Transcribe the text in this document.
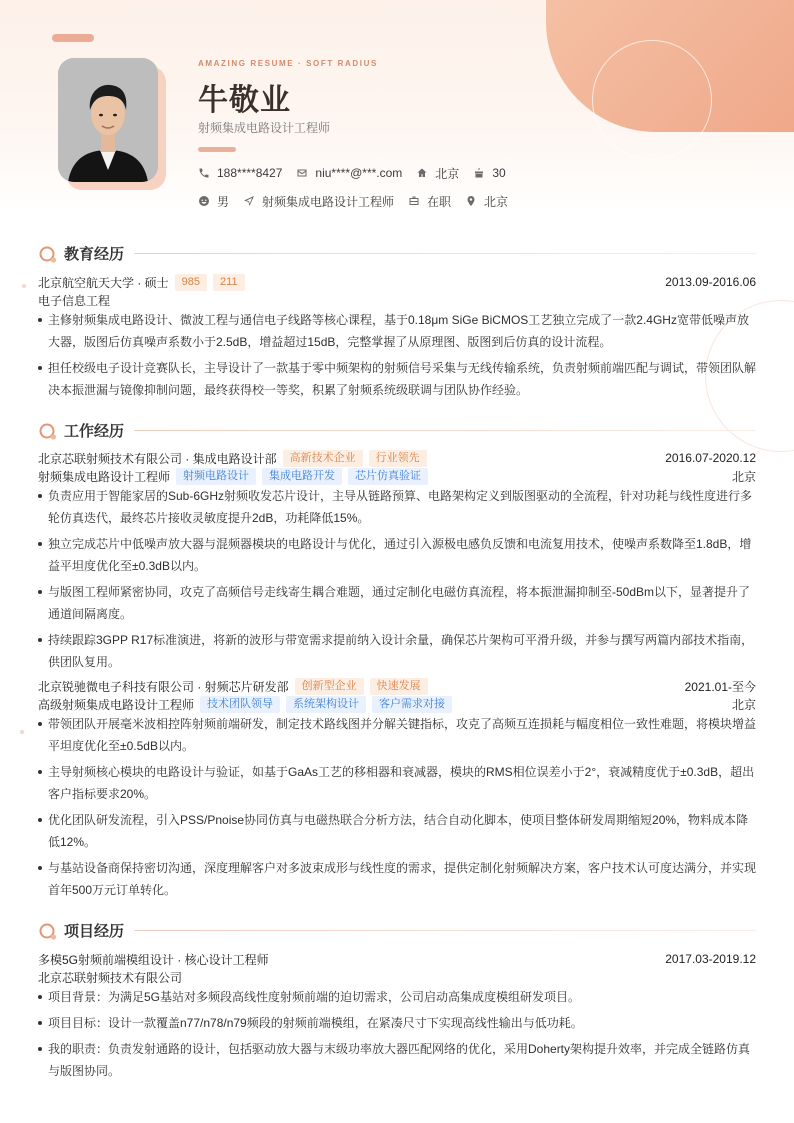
AMAZING RESUME · SOFT RADIUS
牛敬业
射频集成电路设计工程师
188****8427	niu****@***.com	北京	30
男	射频集成电路设计工程师	在职	北京
教育经历
北京航空航天大学 · 硕士	985	211	2013.09-2016.06
电子信息工程
主修射频集成电路设计、微波工程与通信电子线路等核心课程，基于0.18μm SiGe BiCMOS工艺独立完成了一款2.4GHz宽带低噪声放大器，版图后仿真噪声系数小于2.5dB，增益超过15dB，完整掌握了从原理图、版图到后仿真的设计流程。
担任校级电子设计竞赛队长，主导设计了一款基于零中频架构的射频信号采集与无线传输系统，负责射频前端匹配与调试，带领团队解决本振泄漏与镜像抑制问题，最终获得校一等奖，积累了射频系统级联调与团队协作经验。
工作经历
北京芯联射频技术有限公司 · 集成电路设计部	高新技术企业	行业领先	2016.07-2020.12
射频集成电路设计工程师	射频电路设计	集成电路开发	芯片仿真验证	北京
负责应用于智能家居的Sub-6GHz射频收发芯片设计，主导从链路预算、电路架构定义到版图驱动的全流程，针对功耗与线性度进行多轮仿真迭代，最终芯片接收灵敏度提升2dB，功耗降低15%。
独立完成芯片中低噪声放大器与混频器模块的电路设计与优化，通过引入源极电感负反馈和电流复用技术，使噪声系数降至1.8dB，增益平坦度优化至±0.3dB以内。
与版图工程师紧密协同，攻克了高频信号走线寄生耦合难题，通过定制化电磁仿真流程，将本振泄漏抑制至-50dBm以下，显著提升了通道间隔离度。
持续跟踪3GPP R17标准演进，将新的波形与带宽需求提前纳入设计余量，确保芯片架构可平滑升级，并参与撰写两篇内部技术指南，供团队复用。
北京锐驰微电子科技有限公司 · 射频芯片研发部	创新型企业	快速发展	2021.01-至今
高级射频集成电路设计工程师	技术团队领导	系统架构设计	客户需求对接	北京
带领团队开展毫米波相控阵射频前端研发，制定技术路线图并分解关键指标，攻克了高频互连损耗与幅度相位一致性难题，将模块增益平坦度优化至±0.5dB以内。
主导射频核心模块的电路设计与验证，如基于GaAs工艺的移相器和衰减器，模块的RMS相位误差小于2°，衰减精度优于±0.3dB，超出客户指标要求20%。
优化团队研发流程，引入PSS/Pnoise协同仿真与电磁热联合分析方法，结合自动化脚本，使项目整体研发周期缩短20%，物料成本降低12%。
与基站设备商保持密切沟通，深度理解客户对多波束成形与线性度的需求，提供定制化射频解决方案，客户技术认可度达满分，并实现首年500万元订单转化。
项目经历
多模5G射频前端模组设计 · 核心设计工程师	2017.03-2019.12
北京芯联射频技术有限公司
项目背景：为满足5G基站对多频段高线性度射频前端的迫切需求，公司启动高集成度模组研发项目。
项目目标：设计一款覆盖n77/n78/n79频段的射频前端模组，在紧凑尺寸下实现高线性输出与低功耗。
我的职责：负责发射通路的设计，包括驱动放大器与末级功率放大器匹配网络的优化，采用Doherty架构提升效率，并完成全链路仿真与版图协同。
